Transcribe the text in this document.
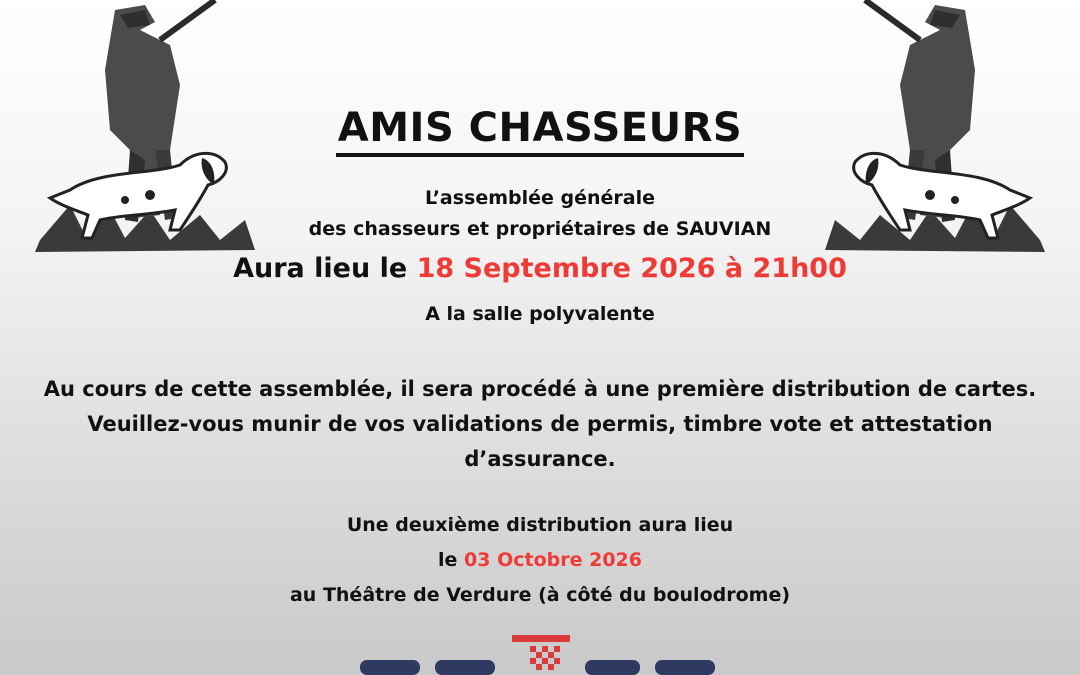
AMIS CHASSEURS
L’assemblée générale
des chasseurs et propriétaires de SAUVIAN
Aura lieu le 18 Septembre 2026 à 21h00
A la salle polyvalente
Au cours de cette assemblée, il sera procédé à une première distribution de cartes.
Veuillez-vous munir de vos validations de permis, timbre vote et attestation
d’assurance.
Une deuxième distribution aura lieu
le 03 Octobre 2026
au Théâtre de Verdure (à côté du boulodrome)
